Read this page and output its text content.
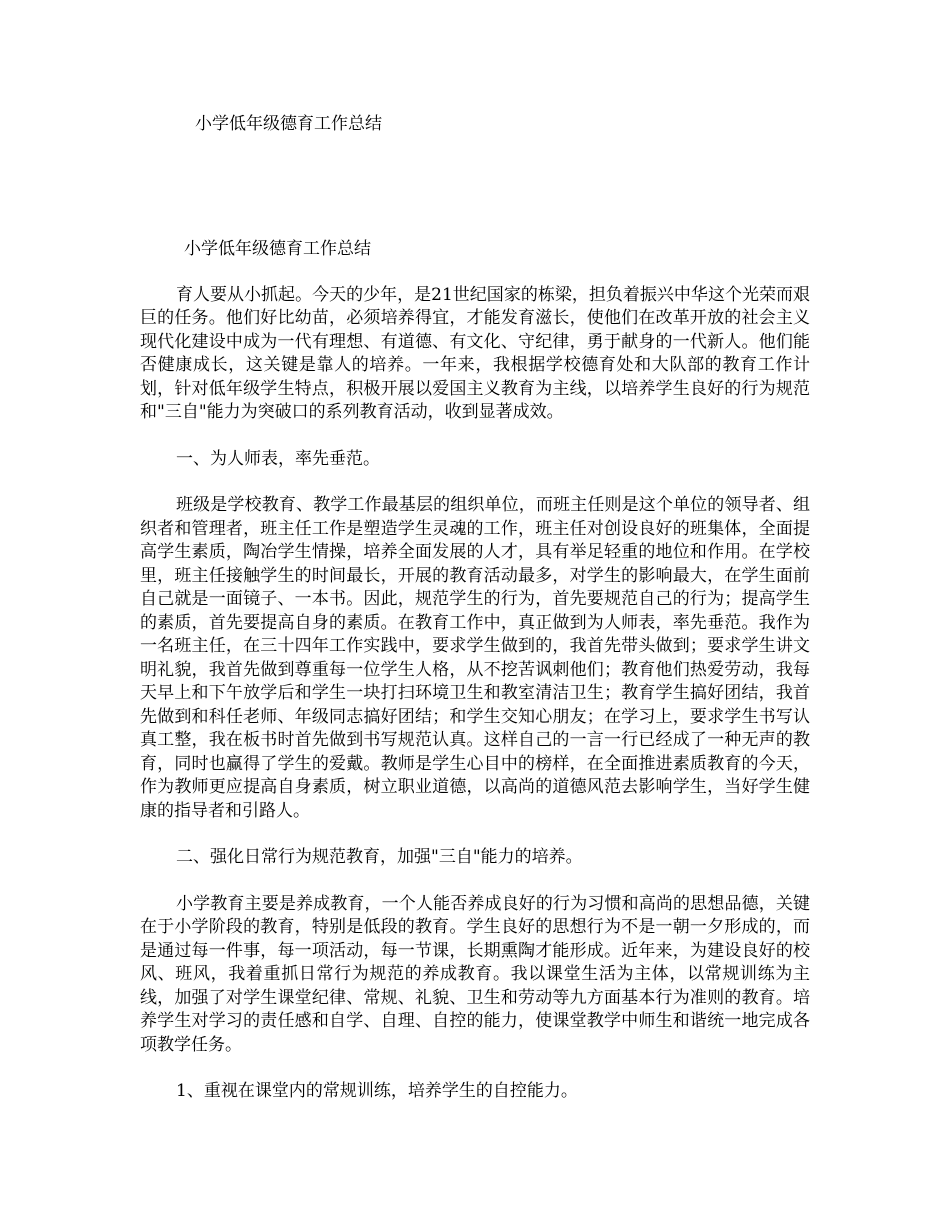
小学低年级德育工作总结

小学低年级德育工作总结

育人要从小抓起。今天的少年，是21世纪国家的栋梁，担负着振兴中华这个光荣而艰巨的任务。他们好比幼苗，必须培养得宜，才能发育滋长，使他们在改革开放的社会主义现代化建设中成为一代有理想、有道德、有文化、守纪律，勇于献身的一代新人。他们能否健康成长，这关键是靠人的培养。一年来，我根据学校德育处和大队部的教育工作计划，针对低年级学生特点，积极开展以爱国主义教育为主线，以培养学生良好的行为规范和"三自"能力为突破口的系列教育活动，收到显著成效。

一、为人师表，率先垂范。

班级是学校教育、教学工作最基层的组织单位，而班主任则是这个单位的领导者、组织者和管理者，班主任工作是塑造学生灵魂的工作，班主任对创设良好的班集体，全面提高学生素质，陶冶学生情操，培养全面发展的人才，具有举足轻重的地位和作用。在学校里，班主任接触学生的时间最长，开展的教育活动最多，对学生的影响最大，在学生面前自己就是一面镜子、一本书。因此，规范学生的行为，首先要规范自己的行为；提高学生的素质，首先要提高自身的素质。在教育工作中，真正做到为人师表，率先垂范。我作为一名班主任，在三十四年工作实践中，要求学生做到的，我首先带头做到；要求学生讲文明礼貌，我首先做到尊重每一位学生人格，从不挖苦讽刺他们；教育他们热爱劳动，我每天早上和下午放学后和学生一块打扫环境卫生和教室清洁卫生；教育学生搞好团结，我首先做到和科任老师、年级同志搞好团结；和学生交知心朋友；在学习上，要求学生书写认真工整，我在板书时首先做到书写规范认真。这样自己的一言一行已经成了一种无声的教育，同时也赢得了学生的爱戴。教师是学生心目中的榜样，在全面推进素质教育的今天，作为教师更应提高自身素质，树立职业道德，以高尚的道德风范去影响学生，当好学生健康的指导者和引路人。

二、强化日常行为规范教育，加强"三自"能力的培养。

小学教育主要是养成教育，一个人能否养成良好的行为习惯和高尚的思想品德，关键在于小学阶段的教育，特别是低段的教育。学生良好的思想行为不是一朝一夕形成的，而是通过每一件事，每一项活动，每一节课，长期熏陶才能形成。近年来，为建设良好的校风、班风，我着重抓日常行为规范的养成教育。我以课堂生活为主体，以常规训练为主线，加强了对学生课堂纪律、常规、礼貌、卫生和劳动等九方面基本行为准则的教育。培养学生对学习的责任感和自学、自理、自控的能力，使课堂教学中师生和谐统一地完成各项教学任务。

1、重视在课堂内的常规训练，培养学生的自控能力。
